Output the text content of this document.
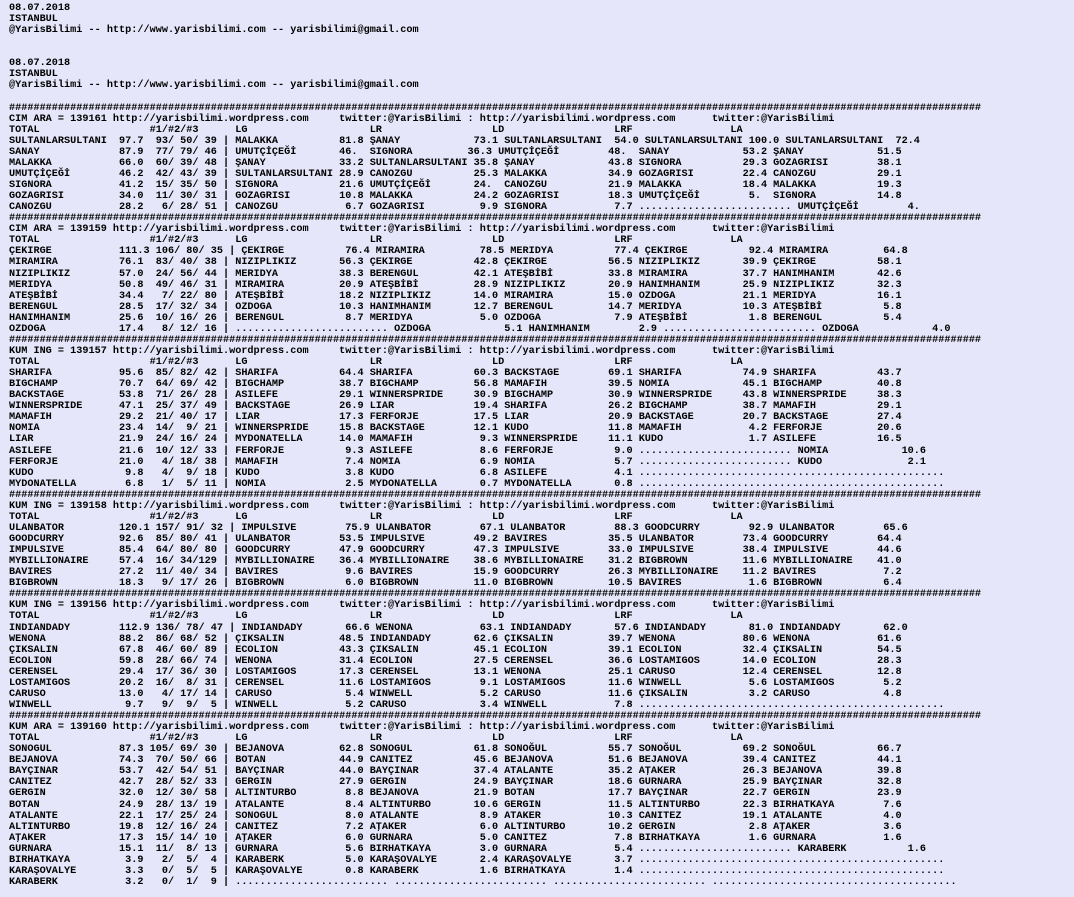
08.07.2018
ISTANBUL
@YarisBilimi -- http://www.yarisbilimi.com -- yarisbilimi@gmail.com
08.07.2018
ISTANBUL
@YarisBilimi -- http://www.yarisbilimi.com -- yarisbilimi@gmail.com
###############################################################################################################################################################
CIM ARA = 139161 http://yarisbilimi.wordpress.com     twitter:@YarisBilimi : http://yarisbilimi.wordpress.com      twitter:@YarisBilimi
TOTAL                  #1/#2/#3      LG                    LR                  LD                  LRF                LA
SULTANLARSULTANI  97.7  93/ 50/ 39 | MALAKKA          81.8 ŞANAY            73.1 SULTANLARSULTANI  54.0 SULTANLARSULTANI 100.0 SULTANLARSULTANI  72.4
SANAY             87.9  77/ 79/ 46 | UMUTÇİÇEĞİ       46.  SIGNORA         36.3 UMUTÇİÇEĞİ        48.  SANAY            53.2 ŞANAY            51.5
MALAKKA           66.0  60/ 39/ 48 | ŞANAY            33.2 SULTANLARSULTANI 35.8 ŞANAY            43.8 SIGNORA          29.3 GOZAGRISI        38.1
UMUTÇİÇEĞİ        46.2  42/ 43/ 39 | SULTANLARSULTANI 28.9 CANOZGU          25.3 MALAKKA          34.9 GOZAGRISI        22.4 CANOZGU          29.1
SIGNORA           41.2  15/ 35/ 50 | SIGNORA          21.6 UMUTÇİÇEĞİ       24.  CANOZGU          21.9 MALAKKA          18.4 MALAKKA          19.3
GOZAGRISI         34.0  11/ 30/ 31 | GOZAGRISI        10.8 MALAKKA          24.2 GOZAGRISI        18.3 UMUTÇİÇEĞİ        5.  SIGNORA          14.8
CANOZGU           28.2   6/ 28/ 51 | CANOZGU           6.7 GOZAGRISI         9.9 SIGNORA           7.7 ......................... UMUTÇİÇEĞİ        4.
###############################################################################################################################################################
CIM ARA = 139159 http://yarisbilimi.wordpress.com     twitter:@YarisBilimi : http://yarisbilimi.wordpress.com      twitter:@YarisBilimi
TOTAL                  #1/#2/#3      LG                    LR                  LD                  LRF                LA
ÇEKIRGE           111.3 106/ 80/ 35 | ÇEKIRGE          76.4 MIRAMIRA         78.5 MERIDYA          77.4 ÇEKIRGE          92.4 MIRAMIRA         64.8
MIRAMIRA          76.1  83/ 40/ 38 | NIZIPLIKIZ       56.3 ÇEKIRGE          42.8 ÇEKIRGE          56.5 NIZIPLIKIZ       39.9 ÇEKIRGE          58.1
NIZIPLIKIZ        57.0  24/ 56/ 44 | MERIDYA          38.3 BERENGUL         42.1 ATEŞBİBİ         33.8 MIRAMIRA         37.7 HANIMHANIM       42.6
MERIDYA           50.8  49/ 46/ 31 | MIRAMIRA         20.9 ATEŞBİBİ         28.9 NIZIPLIKIZ       20.9 HANIMHANIM       25.9 NIZIPLIKIZ       32.3
ATEŞBİBİ          34.4   7/ 22/ 80 | ATEŞBİBİ         18.2 NIZIPLIKIZ       14.0 MIRAMIRA         15.0 OZDOGA           21.1 MERIDYA          16.1
BERENGUL          28.5  17/ 32/ 34 | OZDOGA           10.3 HANIMHANIM       12.7 BERENGUL         14.7 MERIDYA          10.3 ATEŞBİBİ          5.8
HANIMHANIM        25.6  10/ 16/ 26 | BERENGUL          8.7 MERIDYA           5.0 OZDOGA            7.9 ATEŞBİBİ          1.8 BERENGUL          5.4
OZDOGA            17.4   8/ 12/ 16 | ......................... OZDOGA            5.1 HANIMHANIM        2.9 ......................... OZDOGA            4.0
###############################################################################################################################################################
KUM ING = 139157 http://yarisbilimi.wordpress.com     twitter:@YarisBilimi : http://yarisbilimi.wordpress.com      twitter:@YarisBilimi
TOTAL                  #1/#2/#3      LG                    LR                  LD                  LRF                LA
SHARIFA           95.6  85/ 82/ 42 | SHARIFA          64.4 SHARIFA          60.3 BACKSTAGE        69.1 SHARIFA          74.9 SHARIFA          43.7
BIGCHAMP          70.7  64/ 69/ 42 | BIGCHAMP         38.7 BIGCHAMP         56.8 MAMAFIH          39.5 NOMIA            45.1 BIGCHAMP         40.8
BACKSTAGE         53.8  71/ 26/ 28 | ASILEFE          29.1 WINNERSPRIDE     30.9 BIGCHAMP         30.9 WINNERSPRIDE     43.8 WINNERSPRIDE     38.3
WINNERSPRIDE      47.1  25/ 37/ 49 | BACKSTAGE        26.9 LIAR             19.4 SHARIFA          26.2 BIGCHAMP         38.7 MAMAFIH          29.1
MAMAFIH           29.2  21/ 40/ 17 | LIAR             17.3 FERFORJE         17.5 LIAR             20.9 BACKSTAGE        20.7 BACKSTAGE        27.4
NOMIA             23.4  14/  9/ 21 | WINNERSPRIDE     15.8 BACKSTAGE        12.1 KUDO             11.8 MAMAFIH           4.2 FERFORJE         20.6
LIAR              21.9  24/ 16/ 24 | MYDONATELLA      14.0 MAMAFIH           9.3 WINNERSPRIDE     11.1 KUDO              1.7 ASILEFE          16.5
ASILEFE           21.6  10/ 12/ 33 | FERFORJE          9.3 ASILEFE           8.6 FERFORJE          9.0 ......................... NOMIA            10.6
FERFORJE          21.0   4/ 18/ 38 | MAMAFIH           7.4 NOMIA             6.9 NOMIA             5.7 ......................... KUDO              2.1
KUDO               9.8   4/  9/ 18 | KUDO              3.8 KUDO              6.8 ASILEFE           4.1 ..................................................
MYDONATELLA        6.8   1/  5/ 11 | NOMIA             2.5 MYDONATELLA       0.7 MYDONATELLA       0.8 ..................................................
###############################################################################################################################################################
KUM ING = 139158 http://yarisbilimi.wordpress.com     twitter:@YarisBilimi : http://yarisbilimi.wordpress.com      twitter:@YarisBilimi
TOTAL                  #1/#2/#3      LG                    LR                  LD                  LRF                LA
ULANBATOR         120.1 157/ 91/ 32 | IMPULSIVE        75.9 ULANBATOR        67.1 ULANBATOR        88.3 GOODCURRY        92.9 ULANBATOR        65.6
GOODCURRY         92.6  85/ 80/ 41 | ULANBATOR        53.5 IMPULSIVE        49.2 BAVIRES          35.5 ULANBATOR        73.4 GOODCURRY        64.4
IMPULSIVE         85.4  64/ 80/ 80 | GOODCURRY        47.9 GOODCURRY        47.3 IMPULSIVE        33.0 IMPULSIVE        38.4 IMPULSIVE        44.6
MYBILLIONAIRE     57.4  16/ 34/129 | MYBILLIONAIRE    36.4 MYBILLIONAIRE    38.6 MYBILLIONAIRE    31.2 BIGBROWN         11.6 MYBILLIONAIRE    41.0
BAVIRES           27.2  11/ 40/ 34 | BAVIRES           9.6 BAVIRES          15.9 GOODCURRY        26.3 MYBILLIONAIRE    11.2 BAVIRES           7.2
BIGBROWN          18.3   9/ 17/ 26 | BIGBROWN          6.0 BIGBROWN         11.0 BIGBROWN         10.5 BAVIRES           1.6 BIGBROWN          6.4
###############################################################################################################################################################
KUM ING = 139156 http://yarisbilimi.wordpress.com     twitter:@YarisBilimi : http://yarisbilimi.wordpress.com      twitter:@YarisBilimi
TOTAL                  #1/#2/#3      LG                    LR                  LD                  LRF                LA
INDIANDADY        112.9 136/ 78/ 47 | INDIANDADY       66.6 WENONA           63.1 INDIANDADY       57.6 INDIANDADY       81.0 INDIANDADY       62.0
WENONA            88.2  86/ 68/ 52 | ÇIKSALIN         48.5 INDIANDADY       62.6 ÇIKSALIN         39.7 WENONA           80.6 WENONA           61.6
ÇIKSALIN          67.8  46/ 60/ 89 | ECOLION          43.3 ÇIKSALIN         45.1 ECOLION          39.1 ECOLION          32.4 ÇIKSALIN         54.5
ECOLION           59.8  28/ 66/ 74 | WENONA           31.4 ECOLION          27.5 CERENSEL         36.6 LOSTAMIGOS       14.0 ECOLION          28.3
CERENSEL          29.4  17/ 36/ 30 | LOSTAMIGOS       17.3 CERENSEL         13.1 WENONA           25.1 CARUSO           12.4 CERENSEL         12.8
LOSTAMIGOS        20.2  16/  8/ 31 | CERENSEL         11.6 LOSTAMIGOS        9.1 LOSTAMIGOS       11.6 WINWELL           5.6 LOSTAMIGOS        5.2
CARUSO            13.0   4/ 17/ 14 | CARUSO            5.4 WINWELL           5.2 CARUSO           11.6 ÇIKSALIN          3.2 CARUSO            4.8
WINWELL            9.7   9/  9/  5 | WINWELL           5.2 CARUSO            3.4 WINWELL           7.8 ..................................................
###############################################################################################################################################################
KUM ARA = 139160 http://yarisbilimi.wordpress.com     twitter:@YarisBilimi : http://yarisbilimi.wordpress.com      twitter:@YarisBilimi
TOTAL                  #1/#2/#3      LG                    LR                  LD                  LRF                LA
SONOGUL           87.3 105/ 69/ 30 | BEJANOVA         62.8 SONOGUL          61.8 SONOĞUL          55.7 SONOĞUL          69.2 SONOĞUL          66.7
BEJANOVA          74.3  70/ 50/ 66 | BOTAN            44.9 CANITEZ          45.6 BEJANOVA         51.6 BEJANOVA         39.4 CANITEZ          44.1
BAYÇINAR          53.7  42/ 54/ 51 | BAYÇINAR         44.0 BAYÇINAR         37.4 ATALANTE         35.2 AŢAKER           26.3 BEJANOVA         39.8
CANITEZ           42.7  28/ 52/ 33 | GERGIN           27.9 GERGIN           24.9 BAYÇINAR         18.6 GURNARA          25.9 BAYÇINAR         32.8
GERGIN            32.0  12/ 30/ 58 | ALTINTURBO        8.8 BEJANOVA         21.9 BOTAN            17.7 BAYÇINAR         22.7 GERGIN           23.9
BOTAN             24.9  28/ 13/ 19 | ATALANTE          8.4 ALTINTURBO       10.6 GERGIN           11.5 ALTINTURBO       22.3 BIRHATKAYA        7.6
ATALANTE          22.1  17/ 25/ 24 | SONOGUL           8.0 ATALANTE          8.9 ATAKER           10.3 CANITEZ          19.1 ATALANTE          4.0
ALTINTURBO        19.8  12/ 16/ 24 | CANITEZ           7.2 AŢAKER            6.0 ALTINTURBO       10.2 GERGIN            2.8 AŢAKER            3.6
AŢAKER            17.3  15/ 14/ 10 | AŢAKER            6.0 GURNARA           5.0 CANITEZ           7.8 BIRHATKAYA        1.6 GURNARA           1.6
GURNARA           15.1  11/  8/ 13 | GURNARA           5.6 BIRHATKAYA        3.0 GURNARA           5.4 ......................... KARABERK          1.6
BIRHATKAYA         3.9   2/  5/  4 | KARABERK          5.0 KARAŞOVALYE       2.4 KARAŞOVALYE       3.7 ..................................................
KARAŞOVALYE        3.3   0/  5/  5 | KARAŞOVALYE       0.8 KARABERK          1.6 BIRHATKAYA        1.4 ..................................................
KARABERK           3.2   0/  1/  9 | ......................... ......................... ......................... ........................................
